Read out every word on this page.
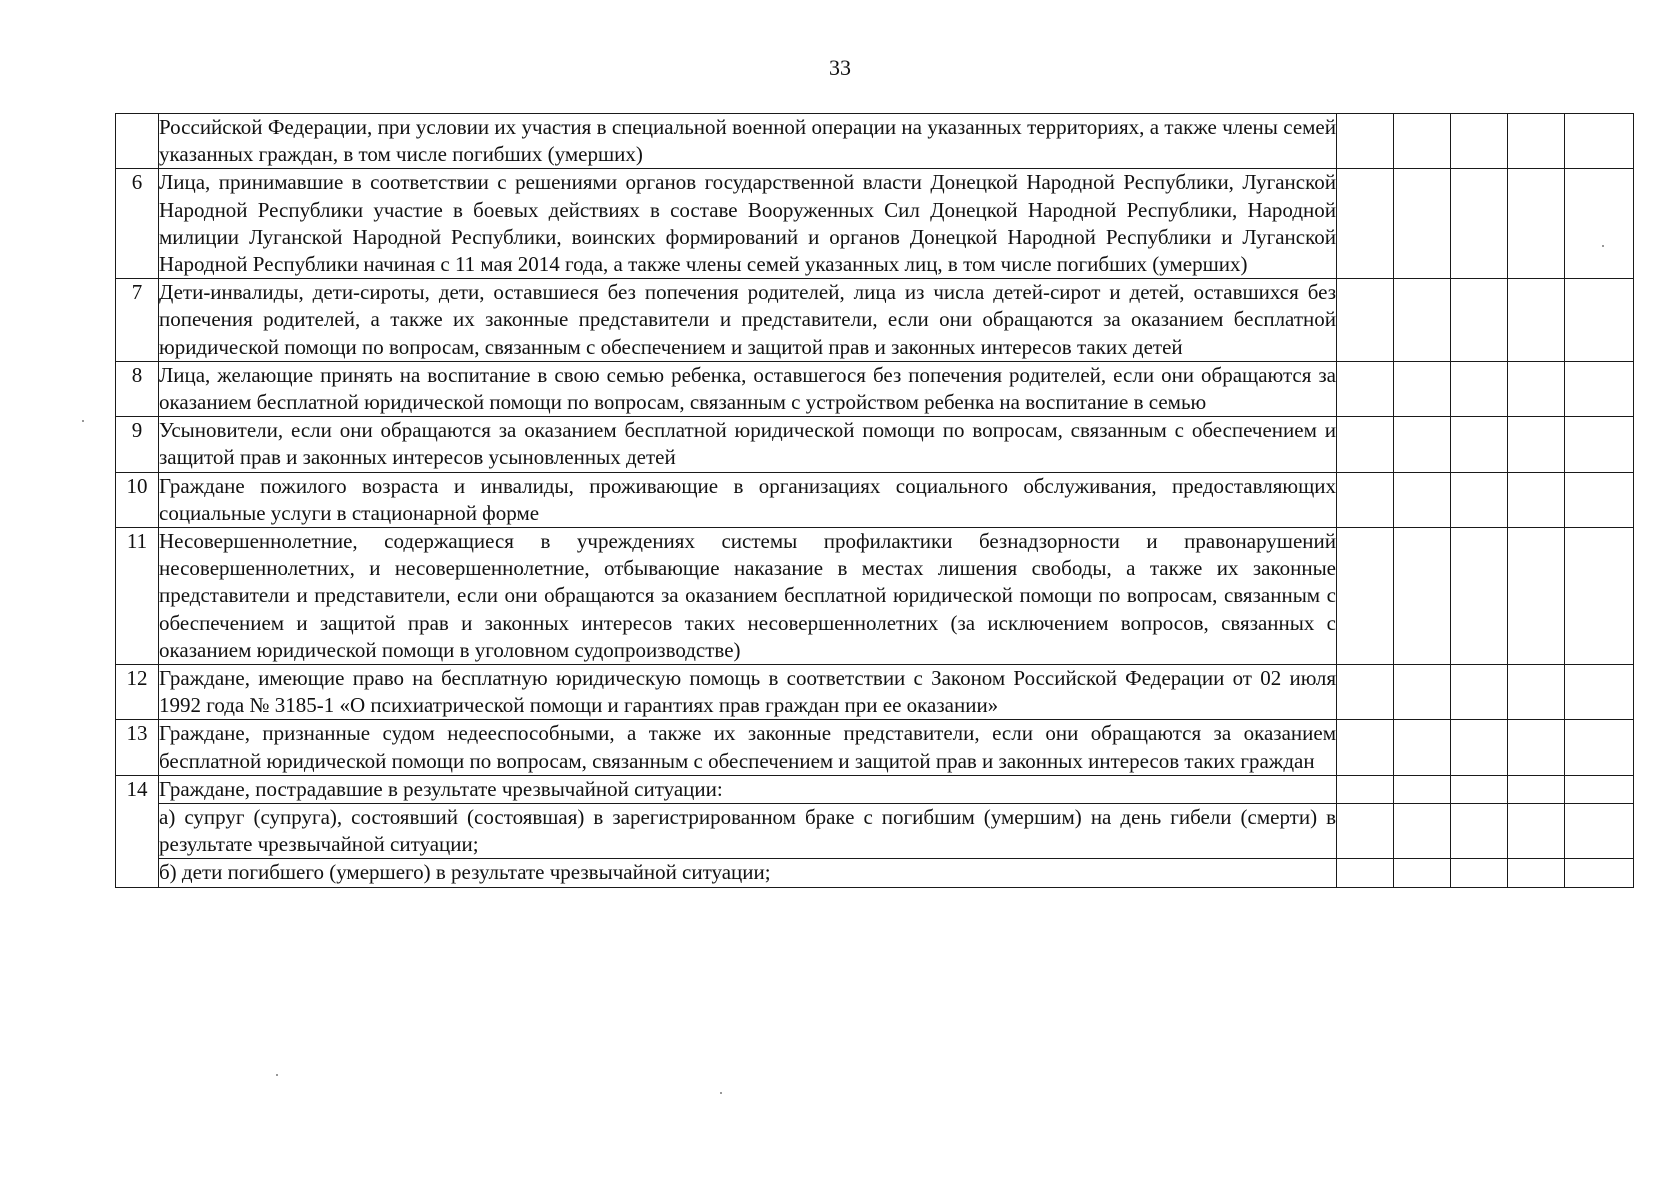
33
	Российской Федерации, при условии их участия в специальной военной операции на указанных территориях, а также члены семей указанных граждан, в том числе погибших (умерших)					
6	Лица, принимавшие в соответствии с решениями органов государственной власти Донецкой Народной Республики, Луганской Народной Республики участие в боевых действиях в составе Вооруженных Сил Донецкой Народной Республики, Народной милиции Луганской Народной Республики, воинских формирований и органов Донецкой Народной Республики и Луганской Народной Республики начиная с 11 мая 2014 года, а также члены семей указанных лиц, в том числе погибших (умерших)					
7	Дети-инвалиды, дети-сироты, дети, оставшиеся без попечения родителей, лица из числа детей-сирот и детей, оставшихся без попечения родителей, а также их законные представители и представители, если они обращаются за оказанием бесплатной юридической помощи по вопросам, связанным с обеспечением и защитой прав и законных интересов таких детей					
8	Лица, желающие принять на воспитание в свою семью ребенка, оставшегося без попечения родителей, если они обращаются за оказанием бесплатной юридической помощи по вопросам, связанным с устройством ребенка на воспитание в семью					
9	Усыновители, если они обращаются за оказанием бесплатной юридической помощи по вопросам, связанным с обеспечением и защитой прав и законных интересов усыновленных детей					
10	Граждане пожилого возраста и инвалиды, проживающие в организациях социального обслуживания, предоставляющих социальные услуги в стационарной форме					
11	Несовершеннолетние, содержащиеся в учреждениях системы профилактики безнадзорности и правонарушений несовершеннолетних, и несовершеннолетние, отбывающие наказание в местах лишения свободы, а также их законные представители и представители, если они обращаются за оказанием бесплатной юридической помощи по вопросам, связанным с обеспечением и защитой прав и законных интересов таких несовершеннолетних (за исключением вопросов, связанных с оказанием юридической помощи в уголовном судопроизводстве)					
12	Граждане, имеющие право на бесплатную юридическую помощь в соответствии с Законом Российской Федерации от 02 июля 1992 года № 3185-1 «О психиатрической помощи и гарантиях прав граждан при ее оказании»					
13	Граждане, признанные судом недееспособными, а также их законные представители, если они обращаются за оказанием бесплатной юридической помощи по вопросам, связанным с обеспечением и защитой прав и законных интересов таких граждан					
14	Граждане, пострадавшие в результате чрезвычайной ситуации:					
	а) супруг (супруга), состоявший (состоявшая) в зарегистрированном браке с погибшим (умершим) на день гибели (смерти) в результате чрезвычайной ситуации;					
	б) дети погибшего (умершего) в результате чрезвычайной ситуации;					
